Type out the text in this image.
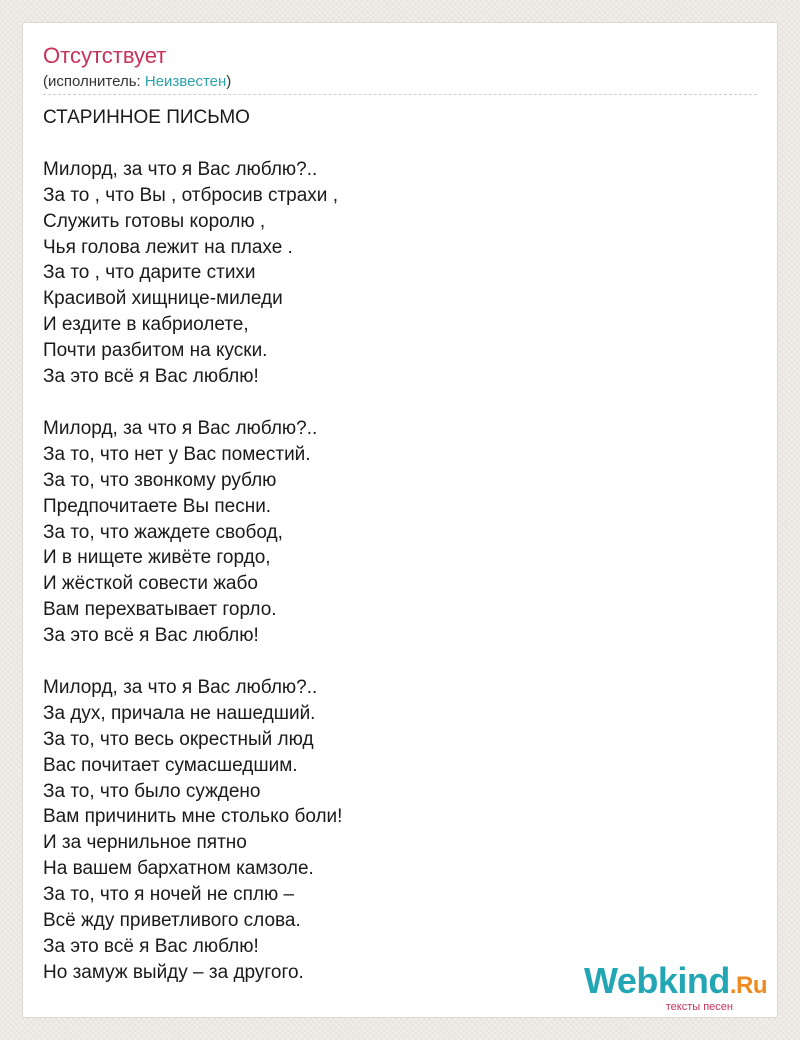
Отсутствует
(исполнитель: Неизвестен)
СТАРИННОЕ ПИСЬМО

Милорд, за что я Вас люблю?..
За то , что Вы , отбросив страхи ,
Служить готовы королю ,
Чья голова лежит на плахе .
За то , что дарите стихи
Красивой хищнице-миледи
И ездите в кабриолете,
Почти разбитом на куски.
За это всё я Вас люблю!

Милорд, за что я Вас люблю?..
За то, что нет у Вас поместий.
За то, что звонкому рублю
Предпочитаете Вы песни.
За то, что жаждете свобод,
И в нищете живёте гордо,
И жёсткой совести жабо
Вам перехватывает горло.
За это всё я Вас люблю!

Милорд, за что я Вас люблю?..
За дух, причала не нашедший.
За то, что весь окрестный люд
Вас почитает сумасшедшим.
За то, что было суждено
Вам причинить мне столько боли!
И за чернильное пятно
На вашем бархатном камзоле.
За то, что я ночей не сплю –
Всё жду приветливого слова.
За это всё я Вас люблю!
Но замуж выйду – за другого.	Webkind.Ru
тексты песен
